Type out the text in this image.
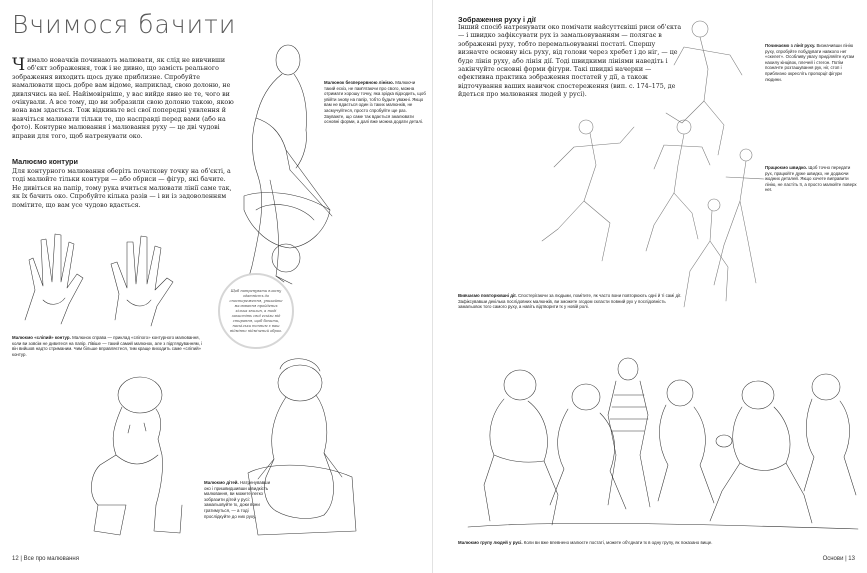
Вчимося бачити
Ч имало новачків починають малювати, як слід не вивчивши об'єкт зображення, тож і не дивно, що замість реального зображення виходить щось дуже приблизне. Спробуйте намалювати щось добре вам відоме, наприклад, свою долоню, не дивлячись на неї. Найімовірніше, у вас вийде явно не те, чого ви очікували. А все тому, що ви зобразили свою долоню такою, якою вона вам здається. Тож відкиньте всі свої попередні уявлення й навчіться малювати тільки те, що насправді перед вами (або на фото). Контурне малювання і малювання руху — це дві чудові вправи для того, щоб натренувати око.

Малюємо контури

Для контурного малювання оберіть початкову точку на об'єкті, а тоді малюйте тільки контури — або обриси — фігур, які бачите. Не дивіться на папір, тому рука вчиться малювати лінії саме так, як їх бачить око. Спробуйте кілька разів — і ви із задоволенням помітите, що вам усе чудово вдається.

Малюємо «сліпий» контур. Малюнок справа — приклад «сліпого» контурного малювання, коли ви зовсім не дивитеся на папір. Лівіше — такий самий малюнок, але з підглядуванням, і він вийшов надто стриманим. Чим більше вправляєтеся, тим краще виходить саме «сліпий» контур.

Малюнок безперервною лінією. Малюючи такий ескіз, не пам'ятаючи про свого, можна отримати хорошу точку, яка зрідка відходить, щоб увійти знову на папір, тобто будьте уважні. Якщо вам не вдається один із таких малюнків, не засмучуйтеся, просто спробуйте ще раз. Зауважте, що саме так вдається змалювати основні форми, а далі вже можна додати деталі.

Щоб натренувати власну здатність до спостереження, уникайте малювання пройдених кілька хвилин, а тоді захистіть свої ескізи від стирання, щоб бачити, наскільки точним є ваш відмінно підмічений образ.

Малюємо дітей. Натренувавши око і пришвидшивши швидкість малювання, ви можете легко зобразити дітей у русі: замальовуйте їх, доки вони гратимуться, — а тоді прослідкуйте до них руху.

12 | Все про малювання
Зображення руху і дії

Інший спосіб натренувати око помічати найсуттєвіші риси об'єкта — і швидко зафіксувати рух із замальовуванням — полягає в зображенні руху, тобто перемальовуванні постаті. Спершу визначте основну вісь руху, від голови через хребет і до ніг, — це буде лінія руху, або лінія дії. Тоді швидкими лініями наведіть і закінчуйте основні форми фігури. Такі швидкі начерки — ефективна практика зображення постатей у дії, а також відточування ваших навичок спостереження (вип. с. 174–175, де йдеться про малювання людей у русі).

Починаємо з лінії руху. Визначивши лінію руху, спробуйте побудувати навколо неї «скелет». Особливу увагу приділяйте кутам нахилу кінцівок, плечей і стегон. Потім позначте розташування рук, ніг, стоп і приблизно окресліть пропорції фігури людини.

Працюємо швидко. Щоб точно передати рух, працюйте дуже швидко, не додаючи жодних деталей. Якщо хочете виправити лінію, не ластіть її, а просто малюйте поверх неї.

Вивчаємо повторювані дії. Спостерігаючи за людьми, помітите, як часто вони повторюють одні й ті самі дії. Зафіксувавши декілька послідовних малюнків, ви зможете згодом скласти повний рух у послідовність замальовок того самого руху, а навіть відтворити їх у новій ролі.

Малюємо групу людей у русі. Коли ви вже впевнено малюєте постаті, можете об'єднати їх в одну групу, як показано вище.

Основи | 13
